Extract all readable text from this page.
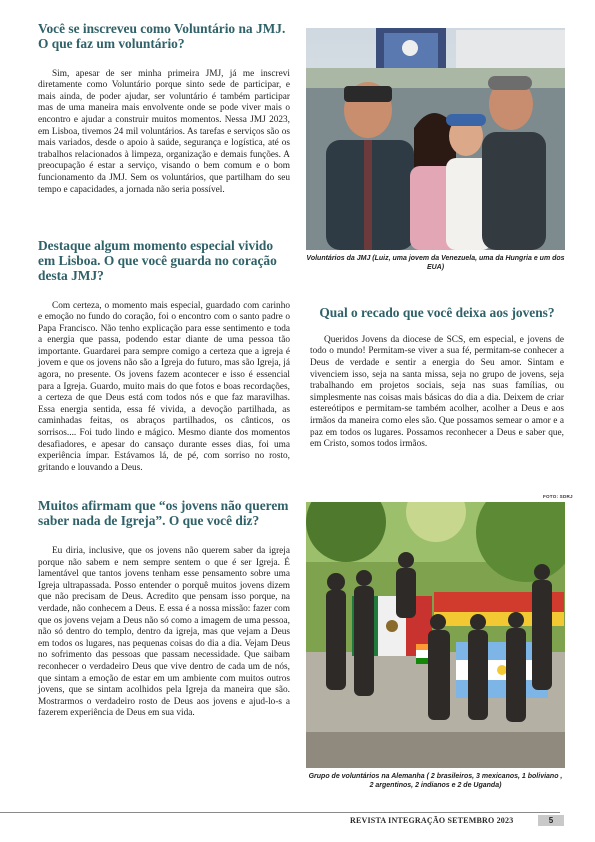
Você se inscreveu como Voluntário na JMJ. O que faz um voluntário?

Sim, apesar de ser minha primeira JMJ, já me inscrevi diretamente como Voluntário porque sinto sede de participar, e mais ainda, de poder ajudar, ser voluntário é também participar mas de uma maneira mais envolvente onde se pode viver mais o encontro e ajudar a construir muitos momentos. Nessa JMJ 2023, em Lisboa, tivemos 24 mil voluntários. As tarefas e serviços são os mais variados, desde o apoio à saúde, segurança e logística, até os trabalhos relacionados à limpeza, organização e demais funções. A preocupação é estar a serviço, visando o bem comum e o bom funcionamento da JMJ. Sem os voluntários, que partilham do seu tempo e capacidades, a jornada não seria possível.

Destaque algum momento especial vivido em Lisboa. O que você guarda no coração desta JMJ?

Com certeza, o momento mais especial, guardado com carinho e emoção no fundo do coração, foi o encontro com o santo padre o Papa Francisco. Não tenho explicação para esse sentimento e toda a energia que passa, podendo estar diante de uma pessoa tão importante. Guardarei para sempre comigo a certeza que a igreja é jovem e que os jovens não são a Igreja do futuro, mas são Igreja, já agora, no presente. Os jovens fazem acontecer e isso é essencial para a Igreja. Guardo, muito mais do que fotos e boas recordações, a certeza de que Deus está com todos nós e que faz maravilhas. Essa energia sentida, essa fé vivida, a devoção partilhada, as caminhadas feitas, os abraços partilhados, os cânticos, os sorrisos.... Foi tudo lindo e mágico. Mesmo diante dos momentos desafiadores, e apesar do cansaço durante esses dias, foi uma experiência ímpar. Estávamos lá, de pé, com sorriso no rosto, gritando e louvando a Deus.

Muitos afirmam que “os jovens não querem saber nada de Igreja”. O que você diz?

Eu diria, inclusive, que os jovens não querem saber da igreja porque não sabem e nem sempre sentem o que é ser Igreja. É lamentável que tantos jovens tenham esse pensamento sobre uma Igreja ultrapassada. Posso entender o porquê muitos jovens dizem que não precisam de Deus. Acredito que pensam isso porque, na verdade, não conhecem a Deus. E essa é a nossa missão: fazer com que os jovens vejam a Deus não só como a imagem de uma pessoa, não só dentro do templo, dentro da igreja, mas que vejam a Deus em todos os lugares, nas pequenas coisas do dia a dia. Vejam Deus no sofrimento das pessoas que passam necessidade. Que saibam reconhecer o verdadeiro Deus que vive dentro de cada um de nós, que sintam a emoção de estar em um ambiente com muitos outros jovens, que se sintam acolhidos pela Igreja da maneira que são. Mostrarmos o verdadeiro rosto de Deus aos jovens e ajud-lo-s a fazerem experiência de Deus em sua vida.

Voluntários da JMJ (Luiz, uma jovem da Venezuela, uma da Hungria e um dos EUA)
Qual o recado que você deixa aos jovens?

Queridos Jovens da diocese de SCS, em especial, e jovens de todo o mundo! Permitam-se viver a sua fé, permitam-se conhecer a Deus de verdade e sentir a energia do Seu amor. Sintam e vivenciem isso, seja na santa missa, seja no grupo de jovens, seja trabalhando em projetos sociais, seja nas suas famílias, ou simplesmente nas coisas mais básicas do dia a dia. Deixem de criar estereótipos e permitam-se também acolher, acolher a Deus e aos irmãos da maneira como eles são. Que possamos semear o amor e a paz em todos os lugares. Possamos reconhecer a Deus e saber que, em Cristo, somos todos irmãos.

FOTO: SDRJ
Grupo de voluntários na Alemanha ( 2 brasileiros, 3 mexicanos, 1 boliviano , 2 argentinos, 2 indianos e 2 de Uganda)
REVISTA INTEGRAÇÃO SETEMBRO 2023	5
